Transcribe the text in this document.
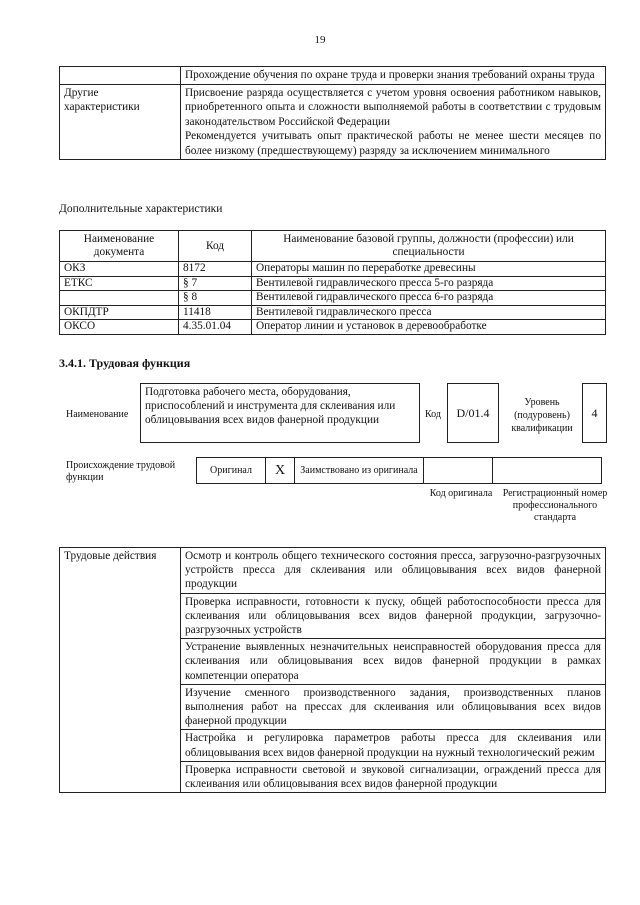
19

	Прохождение обучения по охране труда и проверки знания требований охраны труда

Другие характеристики	Присвоение разряда осуществляется с учетом уровня освоения работником навыков, приобретенного опыта и сложности выполняемой работы в соответствии с трудовым законодательством Российской Федерации
Рекомендуется учитывать опыт практической работы не менее шести месяцев по более низкому (предшествующему) разряду за исключением минимального
Дополнительные характеристики
Наименование документа	Код	Наименование базовой группы, должности (профессии) или специальности
ОКЗ	8172	Операторы машин по переработке древесины
ЕТКС	§ 7	Вентилевой гидравлического пресса 5-го разряда
	§ 8	Вентилевой гидравлического пресса 6-го разряда
ОКПДТР	11418	Вентилевой гидравлического пресса
ОКСО	4.35.01.04	Оператор линии и установок в деревообработке
3.4.1. Трудовая функция
Наименование
Подготовка рабочего места, оборудования, приспособлений и инструмента для склеивания или облицовывания всех видов фанерной продукции	Код	D/01.4
Уровень (подуровень) квалификации
4
Происхождение трудовой функции
Оригинал	X	Заимствовано из оригинала		
Код оригинала	Регистрационный номер профессионального стандарта
Трудовые действия	Осмотр и контроль общего технического состояния пресса, загрузочно-разгрузочных устройств пресса для склеивания или облицовывания всех видов фанерной продукции
Проверка исправности, готовности к пуску, общей работоспособности пресса для склеивания или облицовывания всех видов фанерной продукции, загрузочно-разгрузочных устройств
Устранение выявленных незначительных неисправностей оборудования пресса для склеивания или облицовывания всех видов фанерной продукции в рамках компетенции оператора
Изучение сменного производственного задания, производственных планов выполнения работ на прессах для склеивания или облицовывания всех видов фанерной продукции
Настройка и регулировка параметров работы пресса для склеивания или облицовывания всех видов фанерной продукции на нужный технологический режим
Проверка исправности световой и звуковой сигнализации, ограждений пресса для склеивания или облицовывания всех видов фанерной продукции
